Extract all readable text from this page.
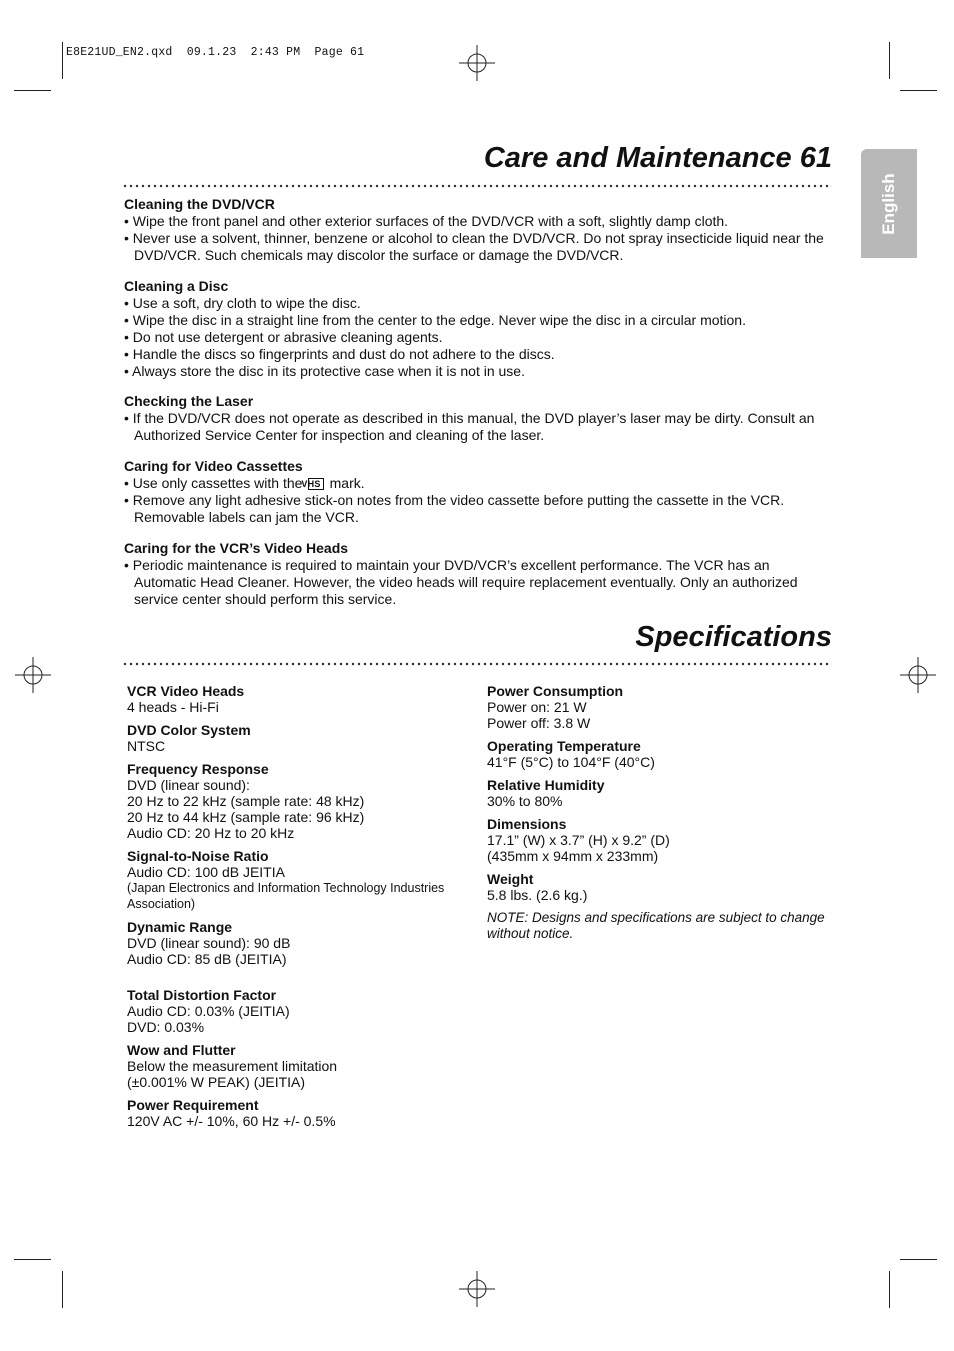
E8E21UD_EN2.qxd  09.1.23  2:43 PM  Page 61
English
Care and Maintenance 61
Cleaning the DVD/VCR
• Wipe the front panel and other exterior surfaces of the DVD/VCR with a soft, slightly damp cloth.
• Never use a solvent, thinner, benzene or alcohol to clean the DVD/VCR. Do not spray insecticide liquid near the DVD/VCR. Such chemicals may discolor the surface or damage the DVD/VCR.
Cleaning a Disc
• Use a soft, dry cloth to wipe the disc.
• Wipe the disc in a straight line from the center to the edge. Never wipe the disc in a circular motion.
• Do not use detergent or abrasive cleaning agents.
• Handle the discs so fingerprints and dust do not adhere to the discs.
• Always store the disc in its protective case when it is not in use.
Checking the Laser
• If the DVD/VCR does not operate as described in this manual, the DVD player’s laser may be dirty. Consult an Authorized Service Center for inspection and cleaning of the laser.
Caring for Video Cassettes
• Use only cassettes with the VHS mark.
• Remove any light adhesive stick-on notes from the video cassette before putting the cassette in the VCR. Removable labels can jam the VCR.
Caring for the VCR’s Video Heads
• Periodic maintenance is required to maintain your DVD/VCR’s excellent performance. The VCR has an Automatic Head Cleaner. However, the video heads will require replacement eventually. Only an authorized service center should perform this service.
Specifications
VCR Video Heads
4 heads - Hi-Fi
DVD Color System
NTSC
Frequency Response
DVD (linear sound):
20 Hz to 22 kHz (sample rate: 48 kHz)
20 Hz to 44 kHz (sample rate: 96 kHz)
Audio CD: 20 Hz to 20 kHz
Signal-to-Noise Ratio
Audio CD: 100 dB JEITIA
(Japan Electronics and Information Technology Industries Association)
Dynamic Range
DVD (linear sound): 90 dB
Audio CD: 85 dB (JEITIA)
Total Distortion Factor
Audio CD: 0.03% (JEITIA)
DVD: 0.03%
Wow and Flutter
Below the measurement limitation
(±0.001% W PEAK) (JEITIA)
Power Requirement
120V AC +/- 10%, 60 Hz +/- 0.5%
Power Consumption
Power on: 21 W
Power off: 3.8 W
Operating Temperature
41°F (5°C) to 104°F (40°C)
Relative Humidity
30% to 80%
Dimensions
17.1” (W) x 3.7” (H) x 9.2” (D)
(435mm x 94mm x 233mm)
Weight
5.8 lbs. (2.6 kg.)
NOTE: Designs and specifications are subject to change without notice.
